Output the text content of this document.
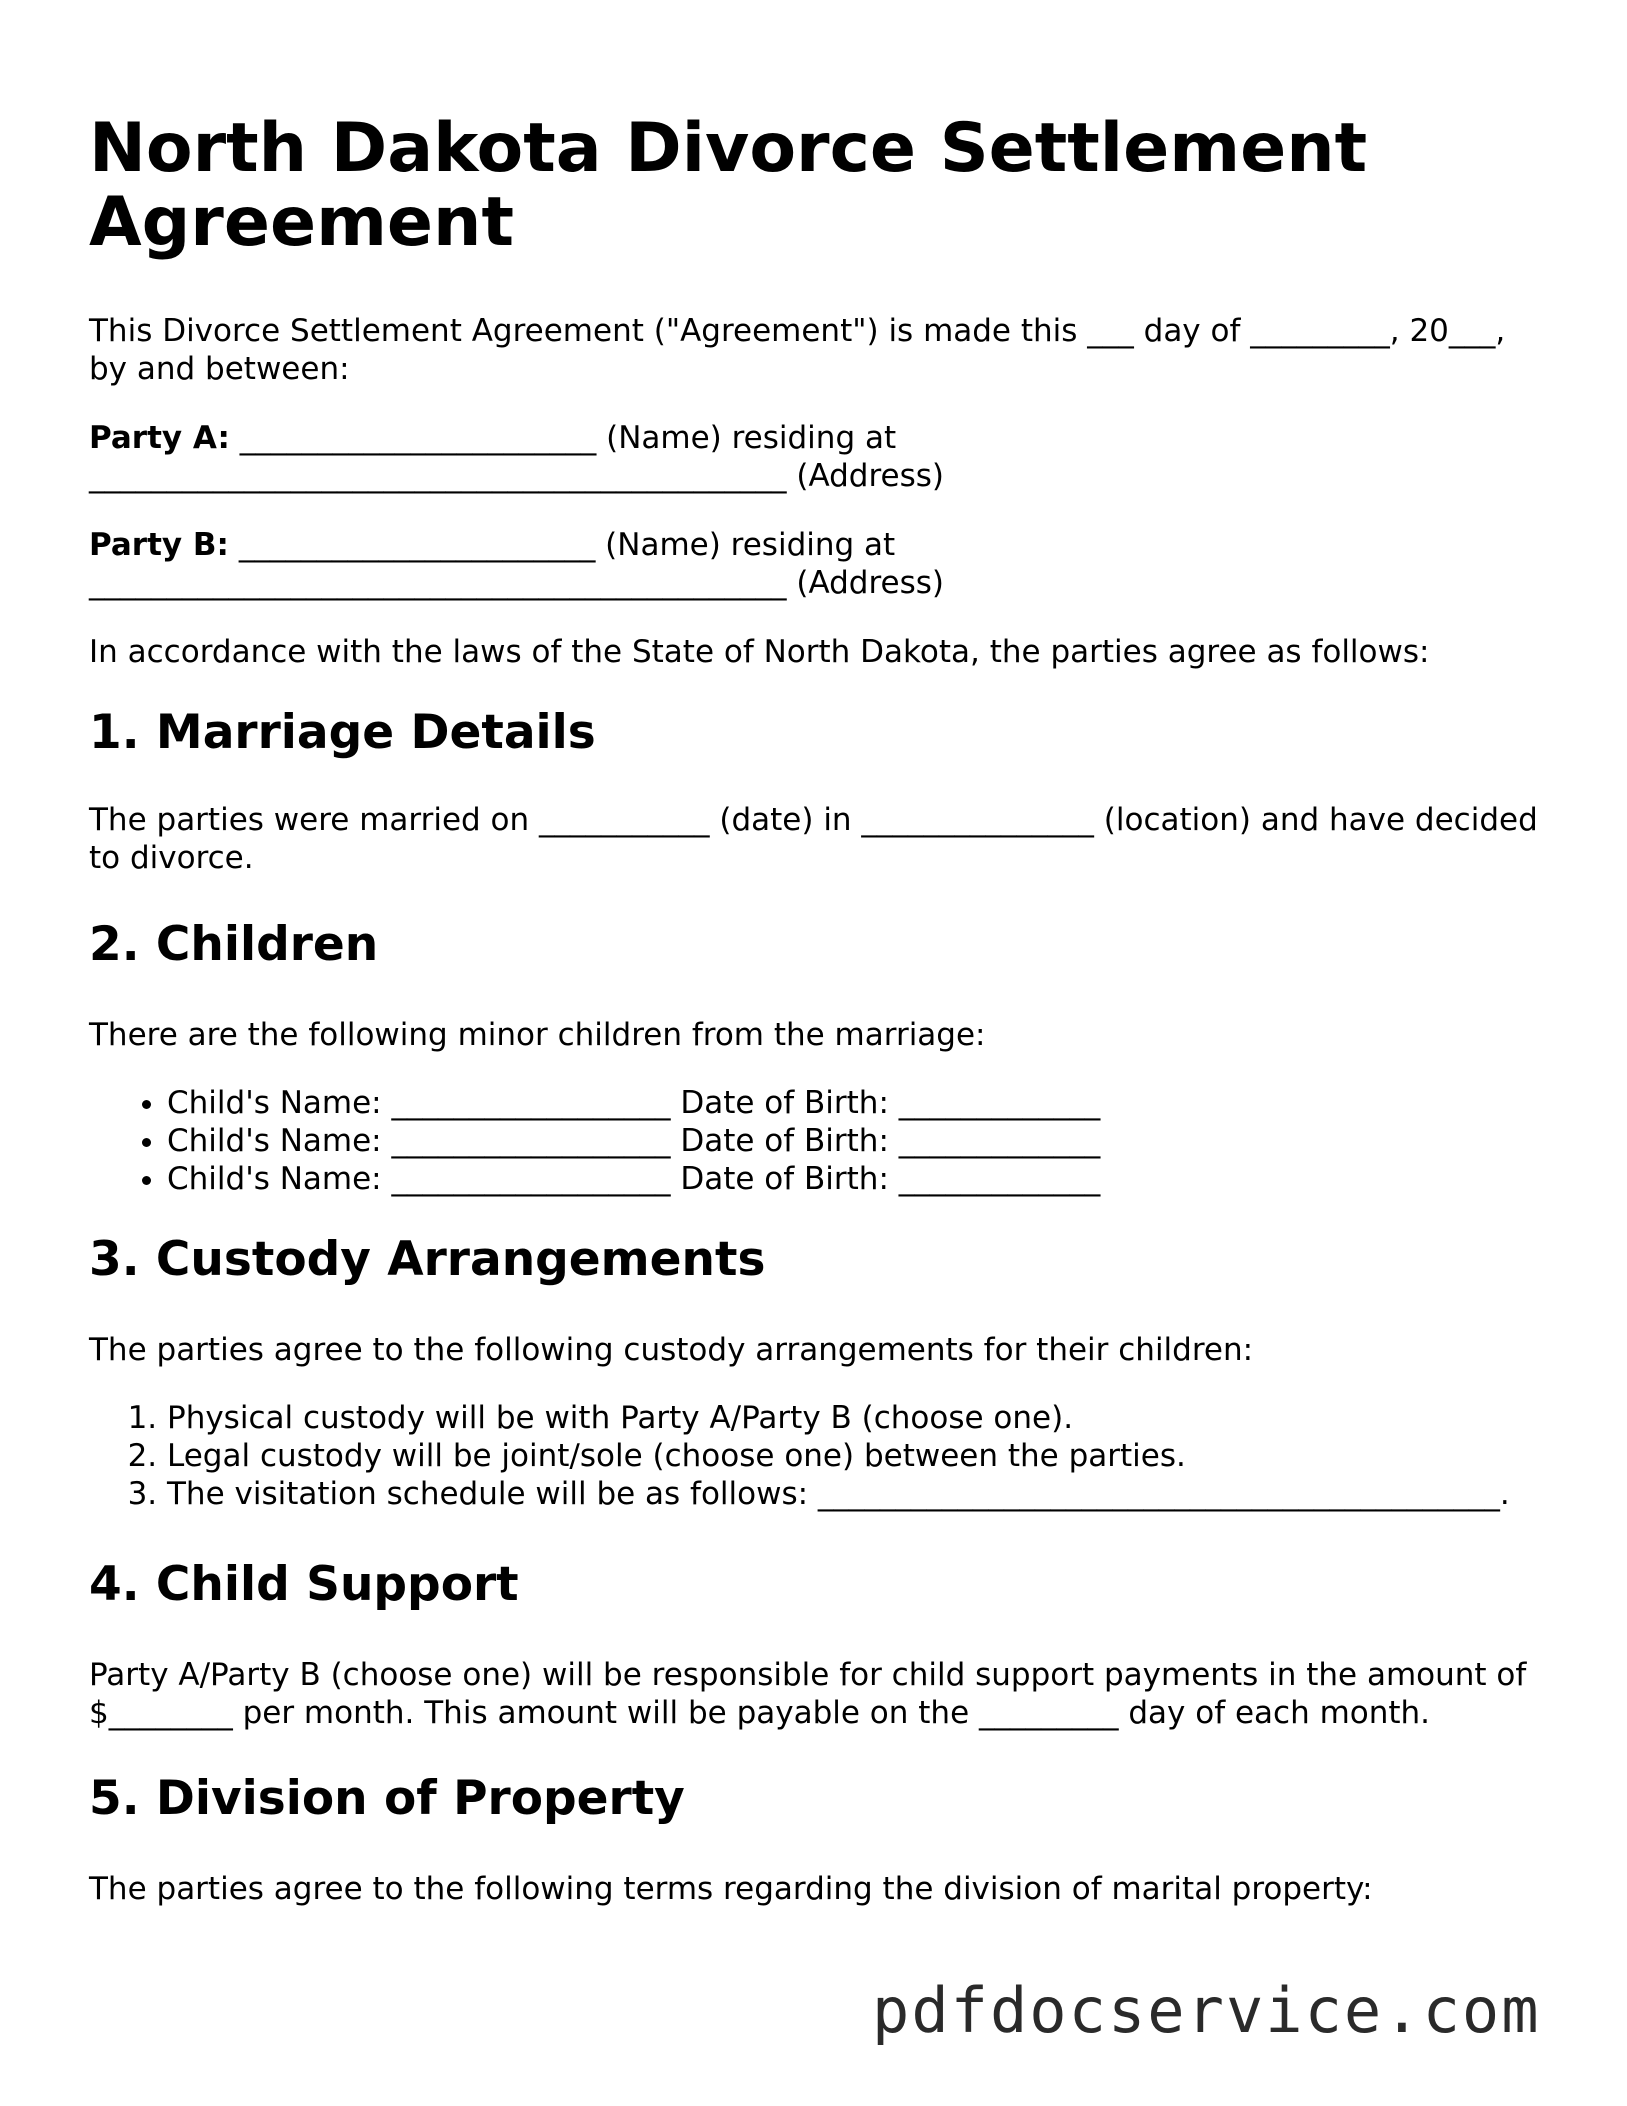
North Dakota Divorce Settlement Agreement

This Divorce Settlement Agreement ("Agreement") is made this ___ day of _________, 20___, by and between:

Party A: _______________________ (Name) residing at _____________________________________________ (Address)

Party B: _______________________ (Name) residing at _____________________________________________ (Address)

In accordance with the laws of the State of North Dakota, the parties agree as follows:

1. Marriage Details

The parties were married on ___________ (date) in _______________ (location) and have decided to divorce.

2. Children

There are the following minor children from the marriage:

• Child's Name: __________________ Date of Birth: _____________
• Child's Name: __________________ Date of Birth: _____________
• Child's Name: __________________ Date of Birth: _____________
3. Custody Arrangements

The parties agree to the following custody arrangements for their children:

1. Physical custody will be with Party A/Party B (choose one).
2. Legal custody will be joint/sole (choose one) between the parties.
3. The visitation schedule will be as follows: ____________________________________________.
4. Child Support

Party A/Party B (choose one) will be responsible for child support payments in the amount of $________ per month. This amount will be payable on the _________ day of each month.

5. Division of Property

The parties agree to the following terms regarding the division of marital property:

pdfdocservice.com
